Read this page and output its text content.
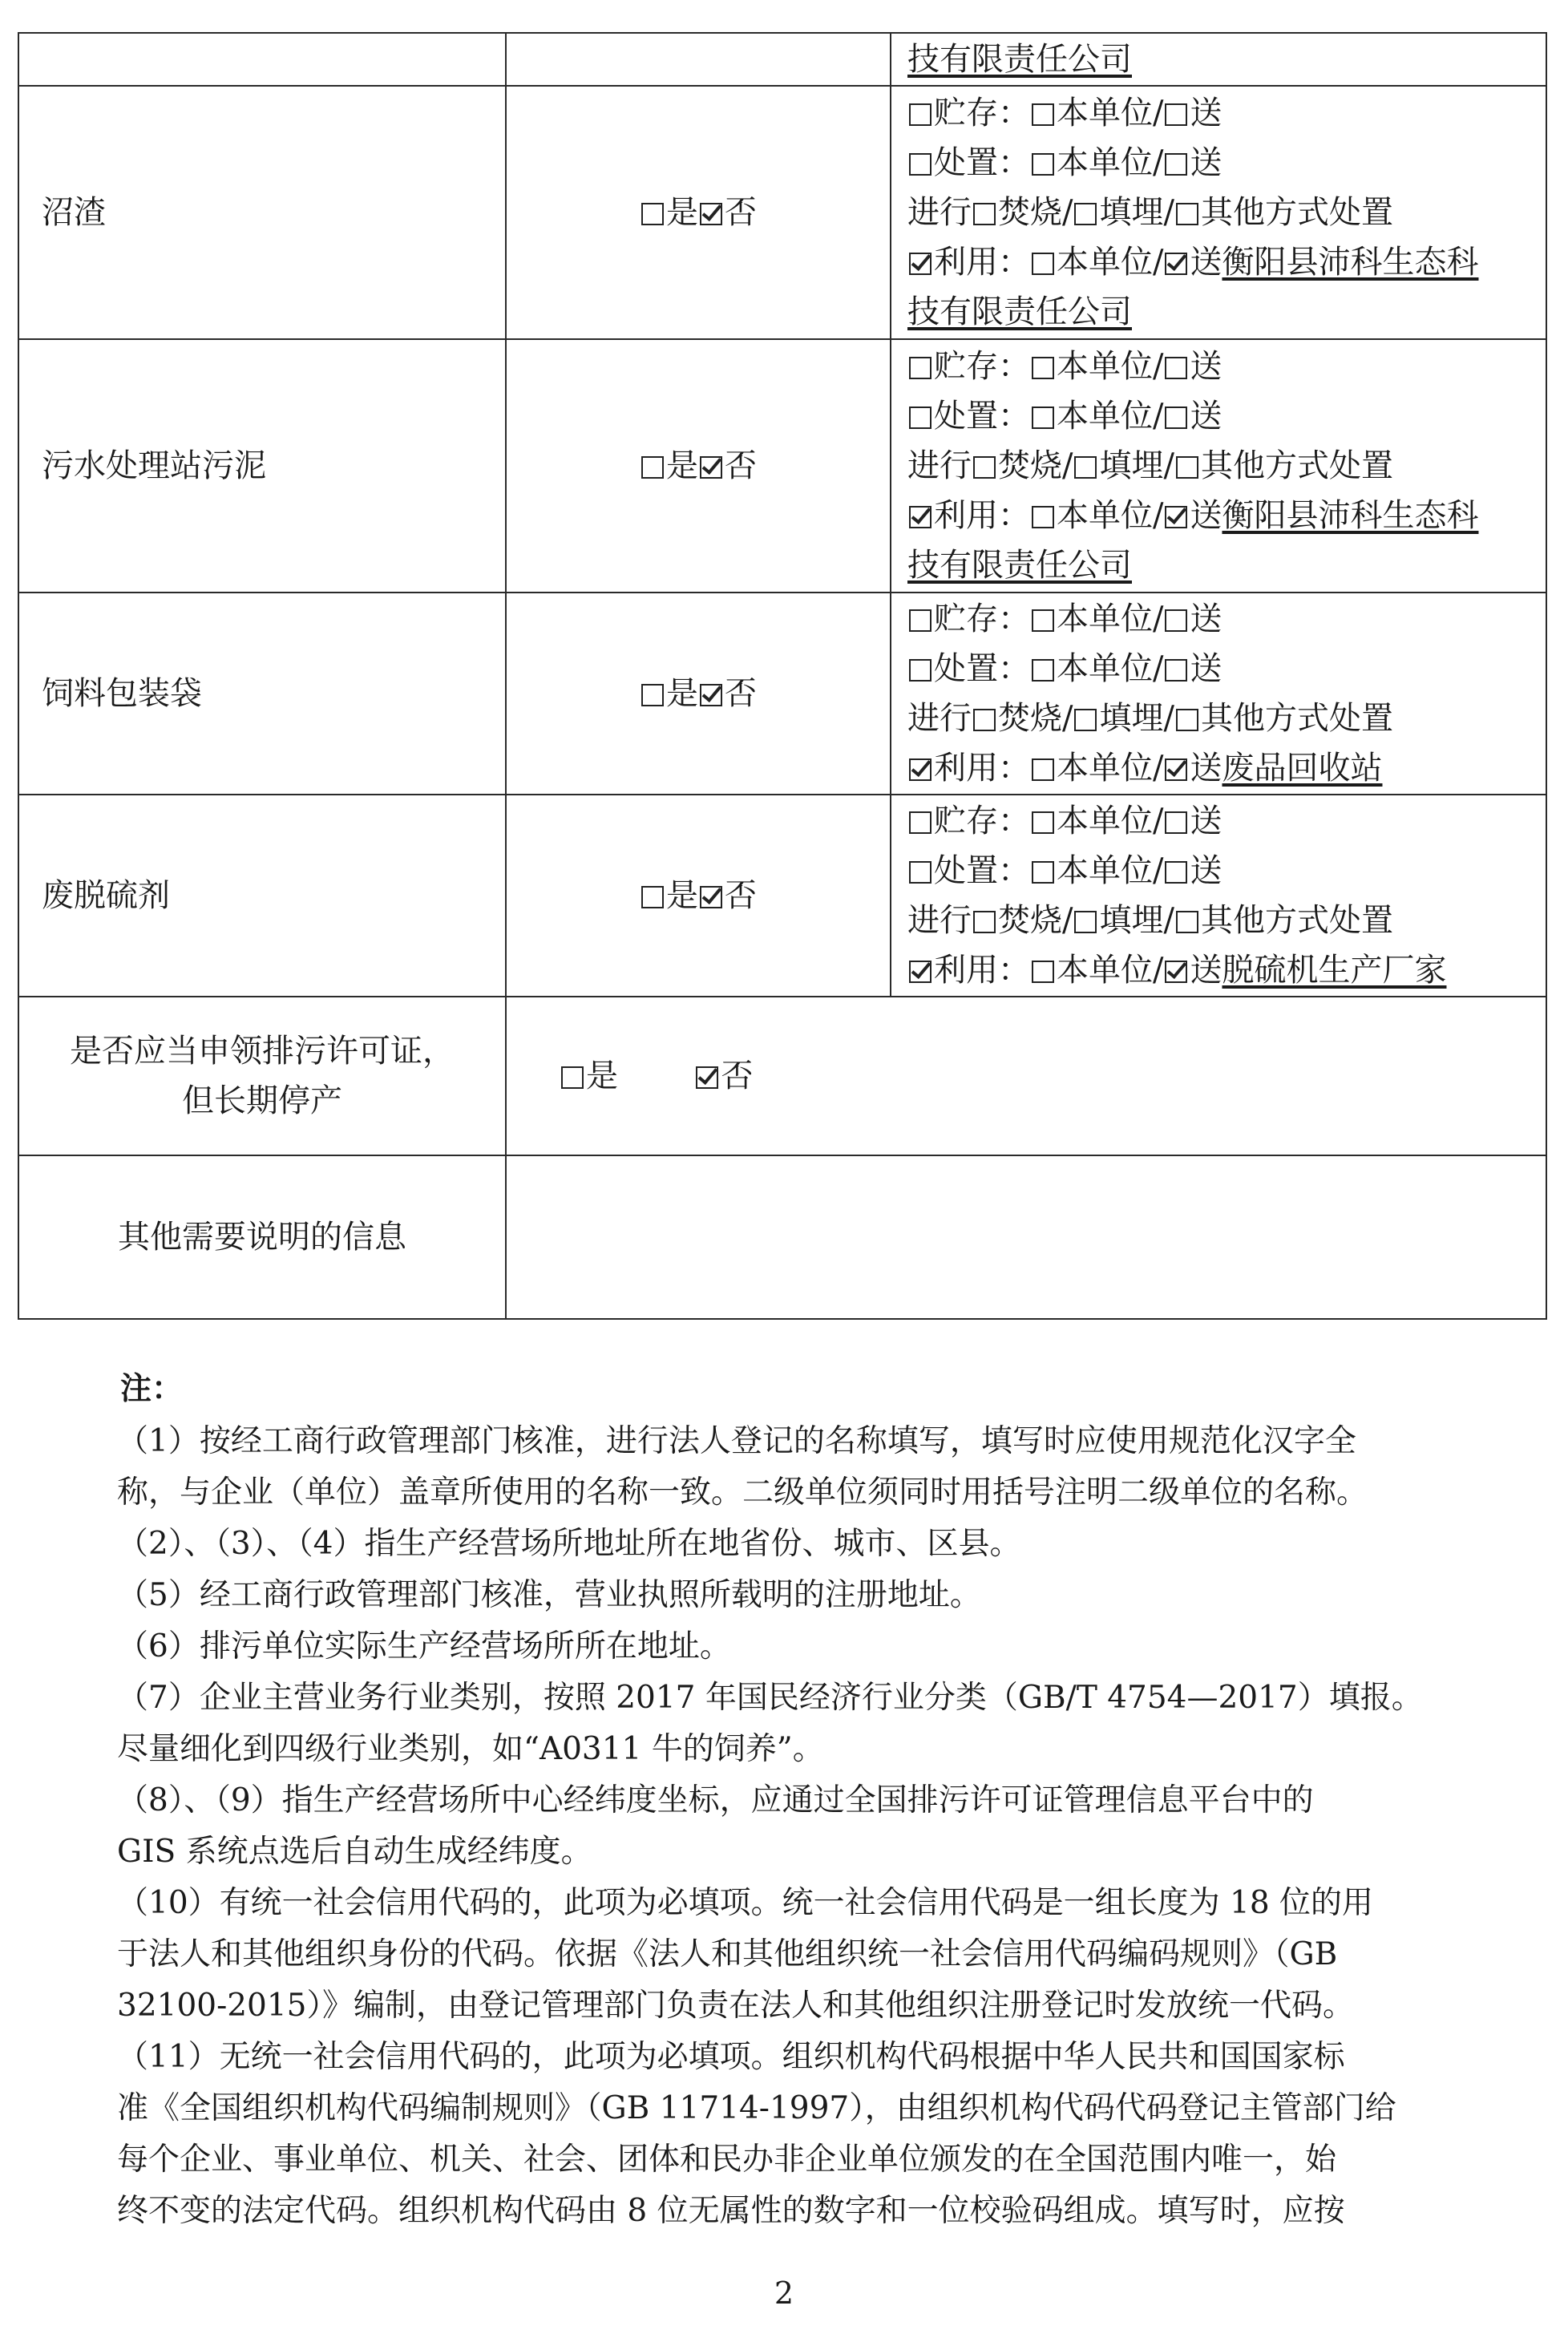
		技有限责任公司

沼渣	是 否	贮存： 本单位/ 送
处置： 本单位/ 送
进行 焚烧/ 填埋/ 其他方式处置
利用： 本单位/ 送衡阳县沛科生态科
技有限责任公司

污水处理站污泥	是 否	贮存： 本单位/ 送
处置： 本单位/ 送
进行 焚烧/ 填埋/ 其他方式处置
利用： 本单位/ 送衡阳县沛科生态科
技有限责任公司

饲料包装袋	是 否	贮存： 本单位/ 送
处置： 本单位/ 送
进行 焚烧/ 填埋/ 其他方式处置
利用： 本单位/ 送废品回收站

废脱硫剂	是 否	贮存： 本单位/ 送
处置： 本单位/ 送
进行 焚烧/ 填埋/ 其他方式处置
利用： 本单位/ 送脱硫机生产厂家

是否应当申领排污许可证，
但长期停产	是 否	
其他需要说明的信息		
注：

（1）按经工商行政管理部门核准，进行法人登记的名称填写，填写时应使用规范化汉字全

称，与企业（单位）盖章所使用的名称一致。二级单位须同时用括号注明二级单位的名称。

（2）、（3）、（4）指生产经营场所地址所在地省份、城市、区县。

（5）经工商行政管理部门核准，营业执照所载明的注册地址。

（6）排污单位实际生产经营场所所在地址。

（7）企业主营业务行业类别，按照 2017 年国民经济行业分类（GB/T 4754—2017）填报。

尽量细化到四级行业类别，如“A0311 牛的饲养”。

（8）、（9）指生产经营场所中心经纬度坐标，应通过全国排污许可证管理信息平台中的

GIS 系统点选后自动生成经纬度。

（10）有统一社会信用代码的，此项为必填项。统一社会信用代码是一组长度为 18 位的用

于法人和其他组织身份的代码。依据《法人和其他组织统一社会信用代码编码规则》（GB

32100-2015）》编制，由登记管理部门负责在法人和其他组织注册登记时发放统一代码。

（11）无统一社会信用代码的，此项为必填项。组织机构代码根据中华人民共和国国家标

准《全国组织机构代码编制规则》（GB 11714-1997），由组织机构代码代码登记主管部门给

每个企业、事业单位、机关、社会、团体和民办非企业单位颁发的在全国范围内唯一，始

终不变的法定代码。组织机构代码由 8 位无属性的数字和一位校验码组成。填写时，应按

2
